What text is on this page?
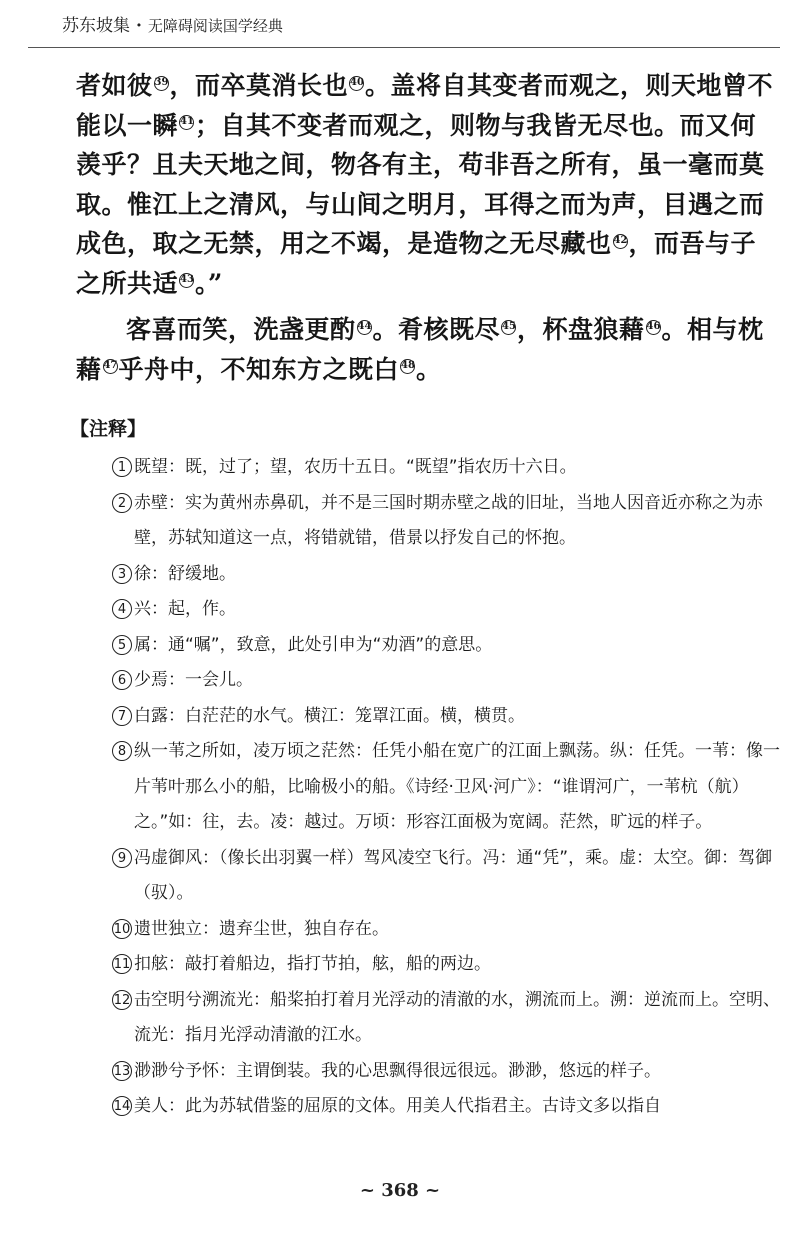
苏东坡集 · 无障碍阅读国学经典

者如彼 $^{39}$，而卒莫消长也 $^{40}$。盖将自其变者而观之，则天地曾不能以一瞬 $^{41}$；自其不变者而观之，则物与我皆无尽也。而又何羡乎？且夫天地之间，物各有主，苟非吾之所有，虽一毫而莫取。惟江上之清风，与山间之明月，耳得之而为声，目遇之而成色，取之无禁，用之不竭，是造物之无尽藏也 $^{42}$，而吾与子之所共适 $^{43}$。”

客喜而笑，洗盏更酌 $^{44}$。肴核既尽 $^{45}$，杯盘狼藉 $^{46}$。相与枕藉 $^{47}$乎舟中，不知东方之既白 $^{48}$。

【注释】
1 既望：既，过了；望，农历十五日。“既望”指农历十六日。
2 赤壁：实为黄州赤鼻矶，并不是三国时期赤壁之战的旧址，当地人因音近亦称之为赤壁，苏轼知道这一点，将错就错，借景以抒发自己的怀抱。
3 徐：舒缓地。
4 兴：起，作。
5 属：通“嘱”，致意，此处引申为“劝酒”的意思。
6 少焉：一会儿。
7 白露：白茫茫的水气。横江：笼罩江面。横，横贯。
8 纵一苇之所如，凌万顷之茫然：任凭小船在宽广的江面上飘荡。纵：任凭。一苇：像一片苇叶那么小的船，比喻极小的船。《诗经·卫风·河广》：“谁谓河广，一苇杭（航）之。”如：往，去。凌：越过。万顷：形容江面极为宽阔。茫然，旷远的样子。
9 冯虚御风：（像长出羽翼一样）驾风凌空飞行。冯：通“凭”，乘。虚：太空。御：驾御（驭）。
10 遗世独立：遗弃尘世，独自存在。
11 扣舷：敲打着船边，指打节拍，舷，船的两边。
12 击空明兮溯流光：船桨拍打着月光浮动的清澈的水，溯流而上。溯：逆流而上。空明、流光：指月光浮动清澈的江水。
13 渺渺兮予怀：主谓倒装。我的心思飘得很远很远。渺渺，悠远的样子。
14 美人：此为苏轼借鉴的屈原的文体。用美人代指君主。古诗文多以指自
~ 368 ~
